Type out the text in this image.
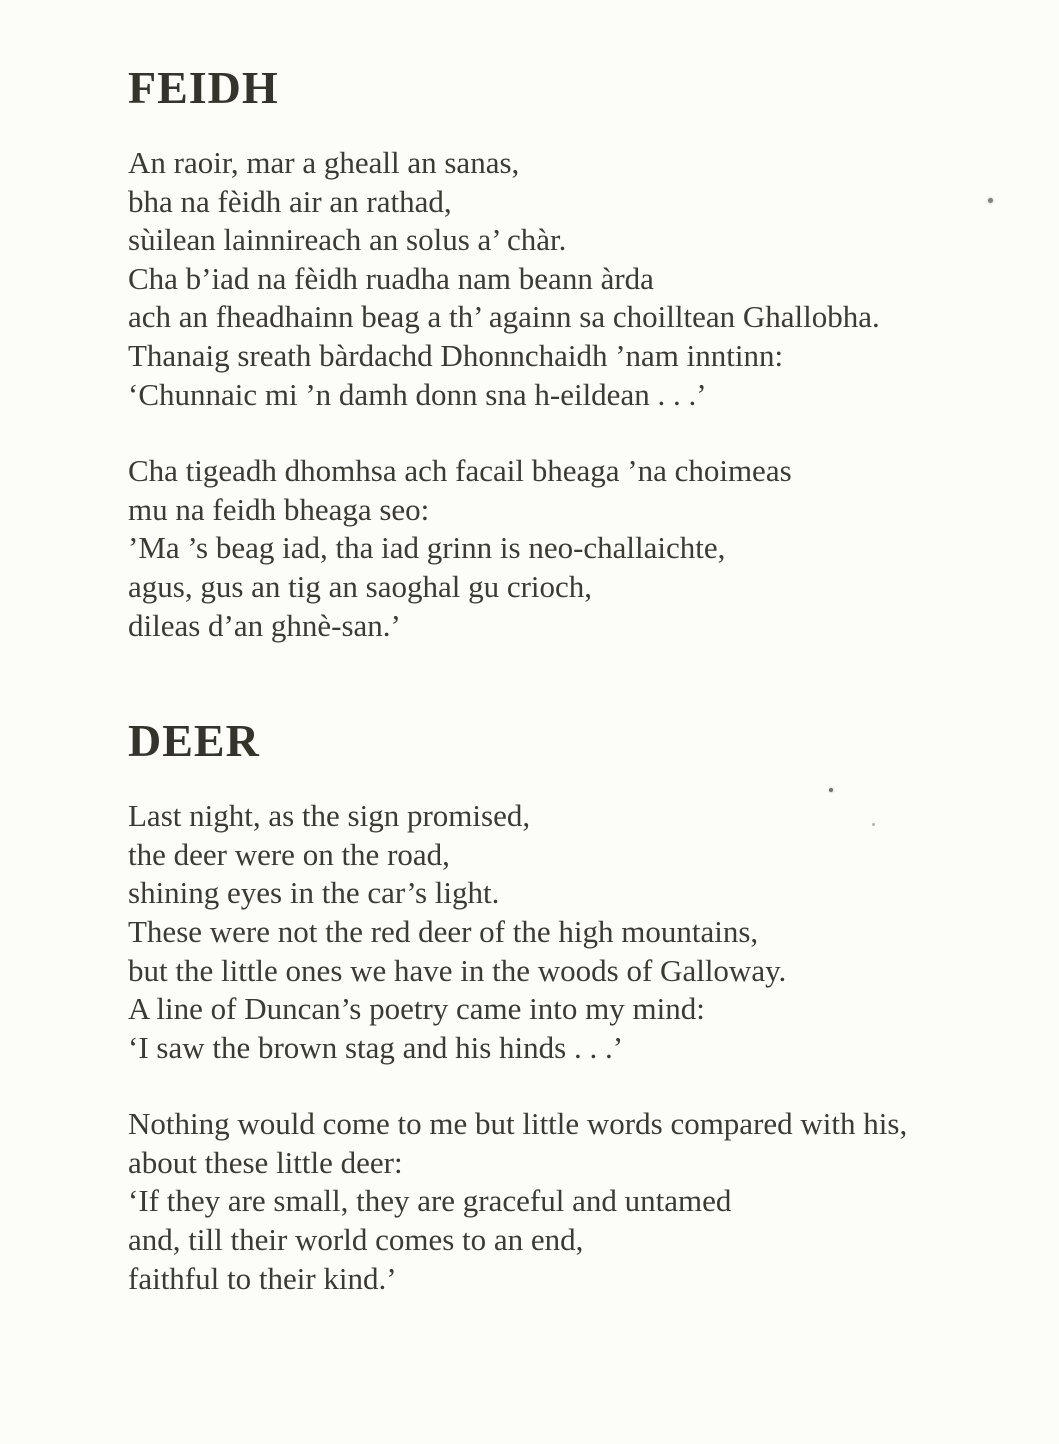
FEIDH

An raoir, mar a gheall an sanas,

bha na fèidh air an rathad,

sùilean lainnireach an solus a’ chàr.

Cha b’iad na fèidh ruadha nam beann àrda

ach an fheadhainn beag a th’ againn sa choilltean Ghallobha.

Thanaig sreath bàrdachd Dhonnchaidh ’nam inntinn:

‘Chunnaic mi ’n damh donn sna h-eildean . . .’

Cha tigeadh dhomhsa ach facail bheaga ’na choimeas

mu na feidh bheaga seo:

’Ma ’s beag iad, tha iad grinn is neo-challaichte,

agus, gus an tig an saoghal gu crioch,

dileas d’an ghnè-san.’

DEER

Last night, as the sign promised,

the deer were on the road,

shining eyes in the car’s light.

These were not the red deer of the high mountains,

but the little ones we have in the woods of Galloway.

A line of Duncan’s poetry came into my mind:

‘I saw the brown stag and his hinds . . .’

Nothing would come to me but little words compared with his,

about these little deer:

‘If they are small, they are graceful and untamed

and, till their world comes to an end,

faithful to their kind.’
